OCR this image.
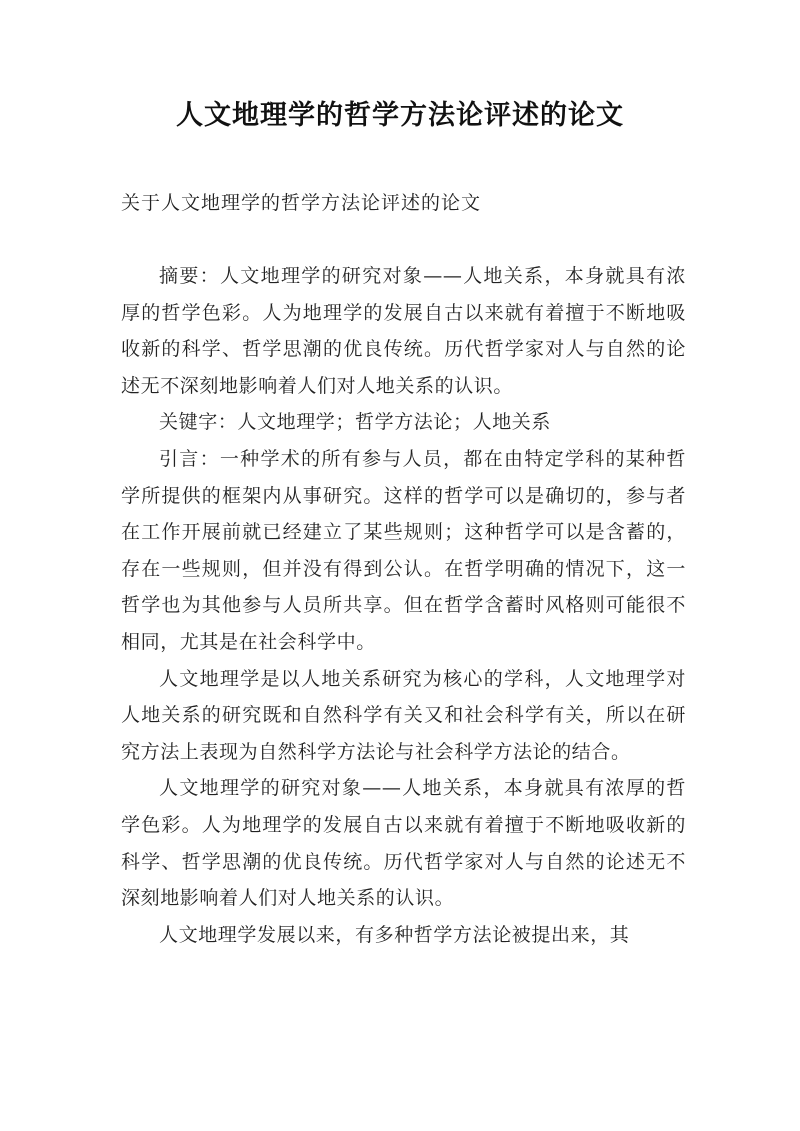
人文地理学的哲学方法论评述的论文

关于人文地理学的哲学方法论评述的论文

摘要：人文地理学的研究对象——人地关系，本身就具有浓厚的哲学色彩。人为地理学的发展自古以来就有着擅于不断地吸收新的科学、哲学思潮的优良传统。历代哲学家对人与自然的论述无不深刻地影响着人们对人地关系的认识。

关键字：人文地理学；哲学方法论；人地关系

引言：一种学术的所有参与人员，都在由特定学科的某种哲学所提供的框架内从事研究。这样的哲学可以是确切的，参与者在工作开展前就已经建立了某些规则；这种哲学可以是含蓄的，存在一些规则，但并没有得到公认。在哲学明确的情况下，这一哲学也为其他参与人员所共享。但在哲学含蓄时风格则可能很不相同，尤其是在社会科学中。

人文地理学是以人地关系研究为核心的学科，人文地理学对人地关系的研究既和自然科学有关又和社会科学有关，所以在研究方法上表现为自然科学方法论与社会科学方法论的结合。

人文地理学的研究对象——人地关系，本身就具有浓厚的哲学色彩。人为地理学的发展自古以来就有着擅于不断地吸收新的科学、哲学思潮的优良传统。历代哲学家对人与自然的论述无不深刻地影响着人们对人地关系的认识。

人文地理学发展以来，有多种哲学方法论被提出来，其
